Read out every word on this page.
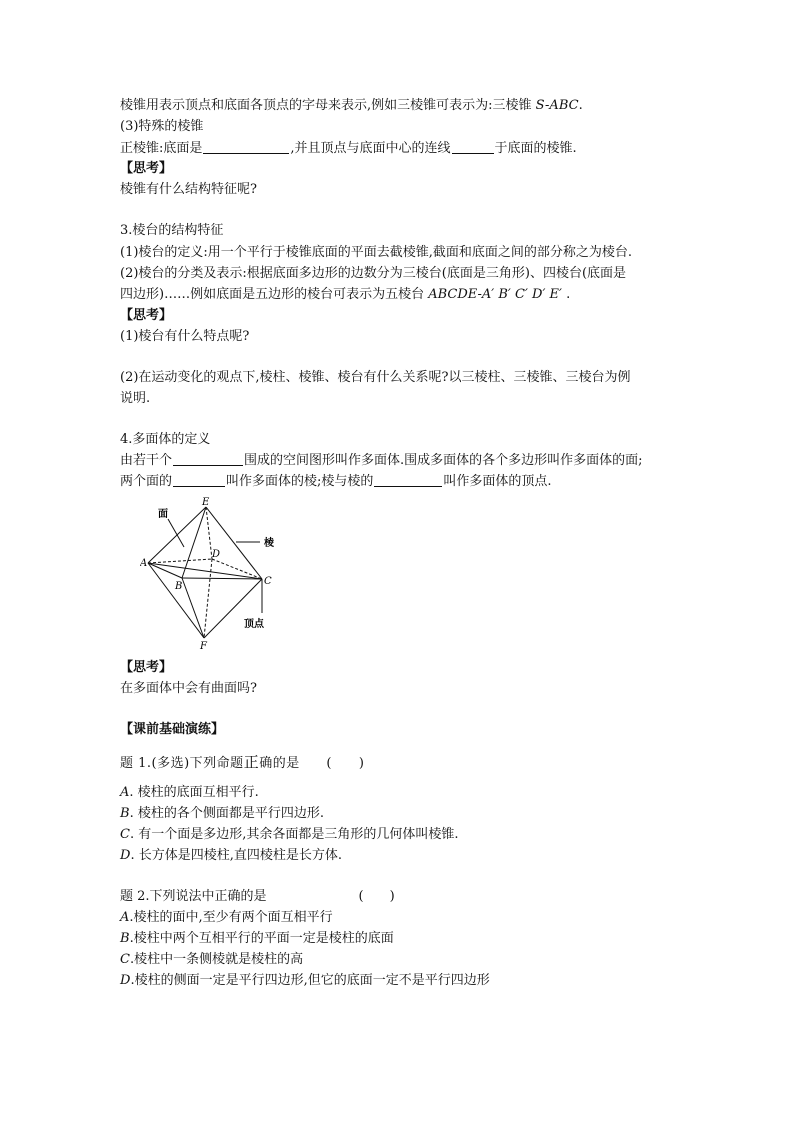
棱锥用表示顶点和底面各顶点的字母来表示,例如三棱锥可表示为:三棱锥 S-ABC.
(3)特殊的棱锥
正棱锥:底面是	,并且顶点与底面中心的连线	于底面的棱锥.
【思考】
棱锥有什么结构特征呢?
3.棱台的结构特征
(1)棱台的定义:用一个平行于棱锥底面的平面去截棱锥,截面和底面之间的部分称之为棱台.
(2)棱台的分类及表示:根据底面多边形的边数分为三棱台(底面是三角形)、四棱台(底面是
四边形)……例如底面是五边形的棱台可表示为五棱台 ABCDE-A′ B′ C′ D′ E′ .
【思考】
(1)棱台有什么特点呢?
(2)在运动变化的观点下,棱柱、棱锥、棱台有什么关系呢?以三棱柱、三棱锥、三棱台为例
说明.
4.多面体的定义
由若干个	围成的空间图形叫作多面体.围成多面体的各个多边形叫作多面体的面;
两个面的	叫作多面体的棱;棱与棱的	叫作多面体的顶点.
面
棱
顶点
E
D
A
B	C
F
【思考】
在多面体中会有曲面吗?
【课前基础演练】
题 1.(多选)下列命题正确的是 (　　)
A. 棱柱的底面互相平行.
B. 棱柱的各个侧面都是平行四边形.
C. 有一个面是多边形,其余各面都是三角形的几何体叫棱锥.
D. 长方体是四棱柱,直四棱柱是长方体.
题 2.下列说法中正确的是	(　　)
A.棱柱的面中,至少有两个面互相平行
B.棱柱中两个互相平行的平面一定是棱柱的底面
C.棱柱中一条侧棱就是棱柱的高
D.棱柱的侧面一定是平行四边形,但它的底面一定不是平行四边形
